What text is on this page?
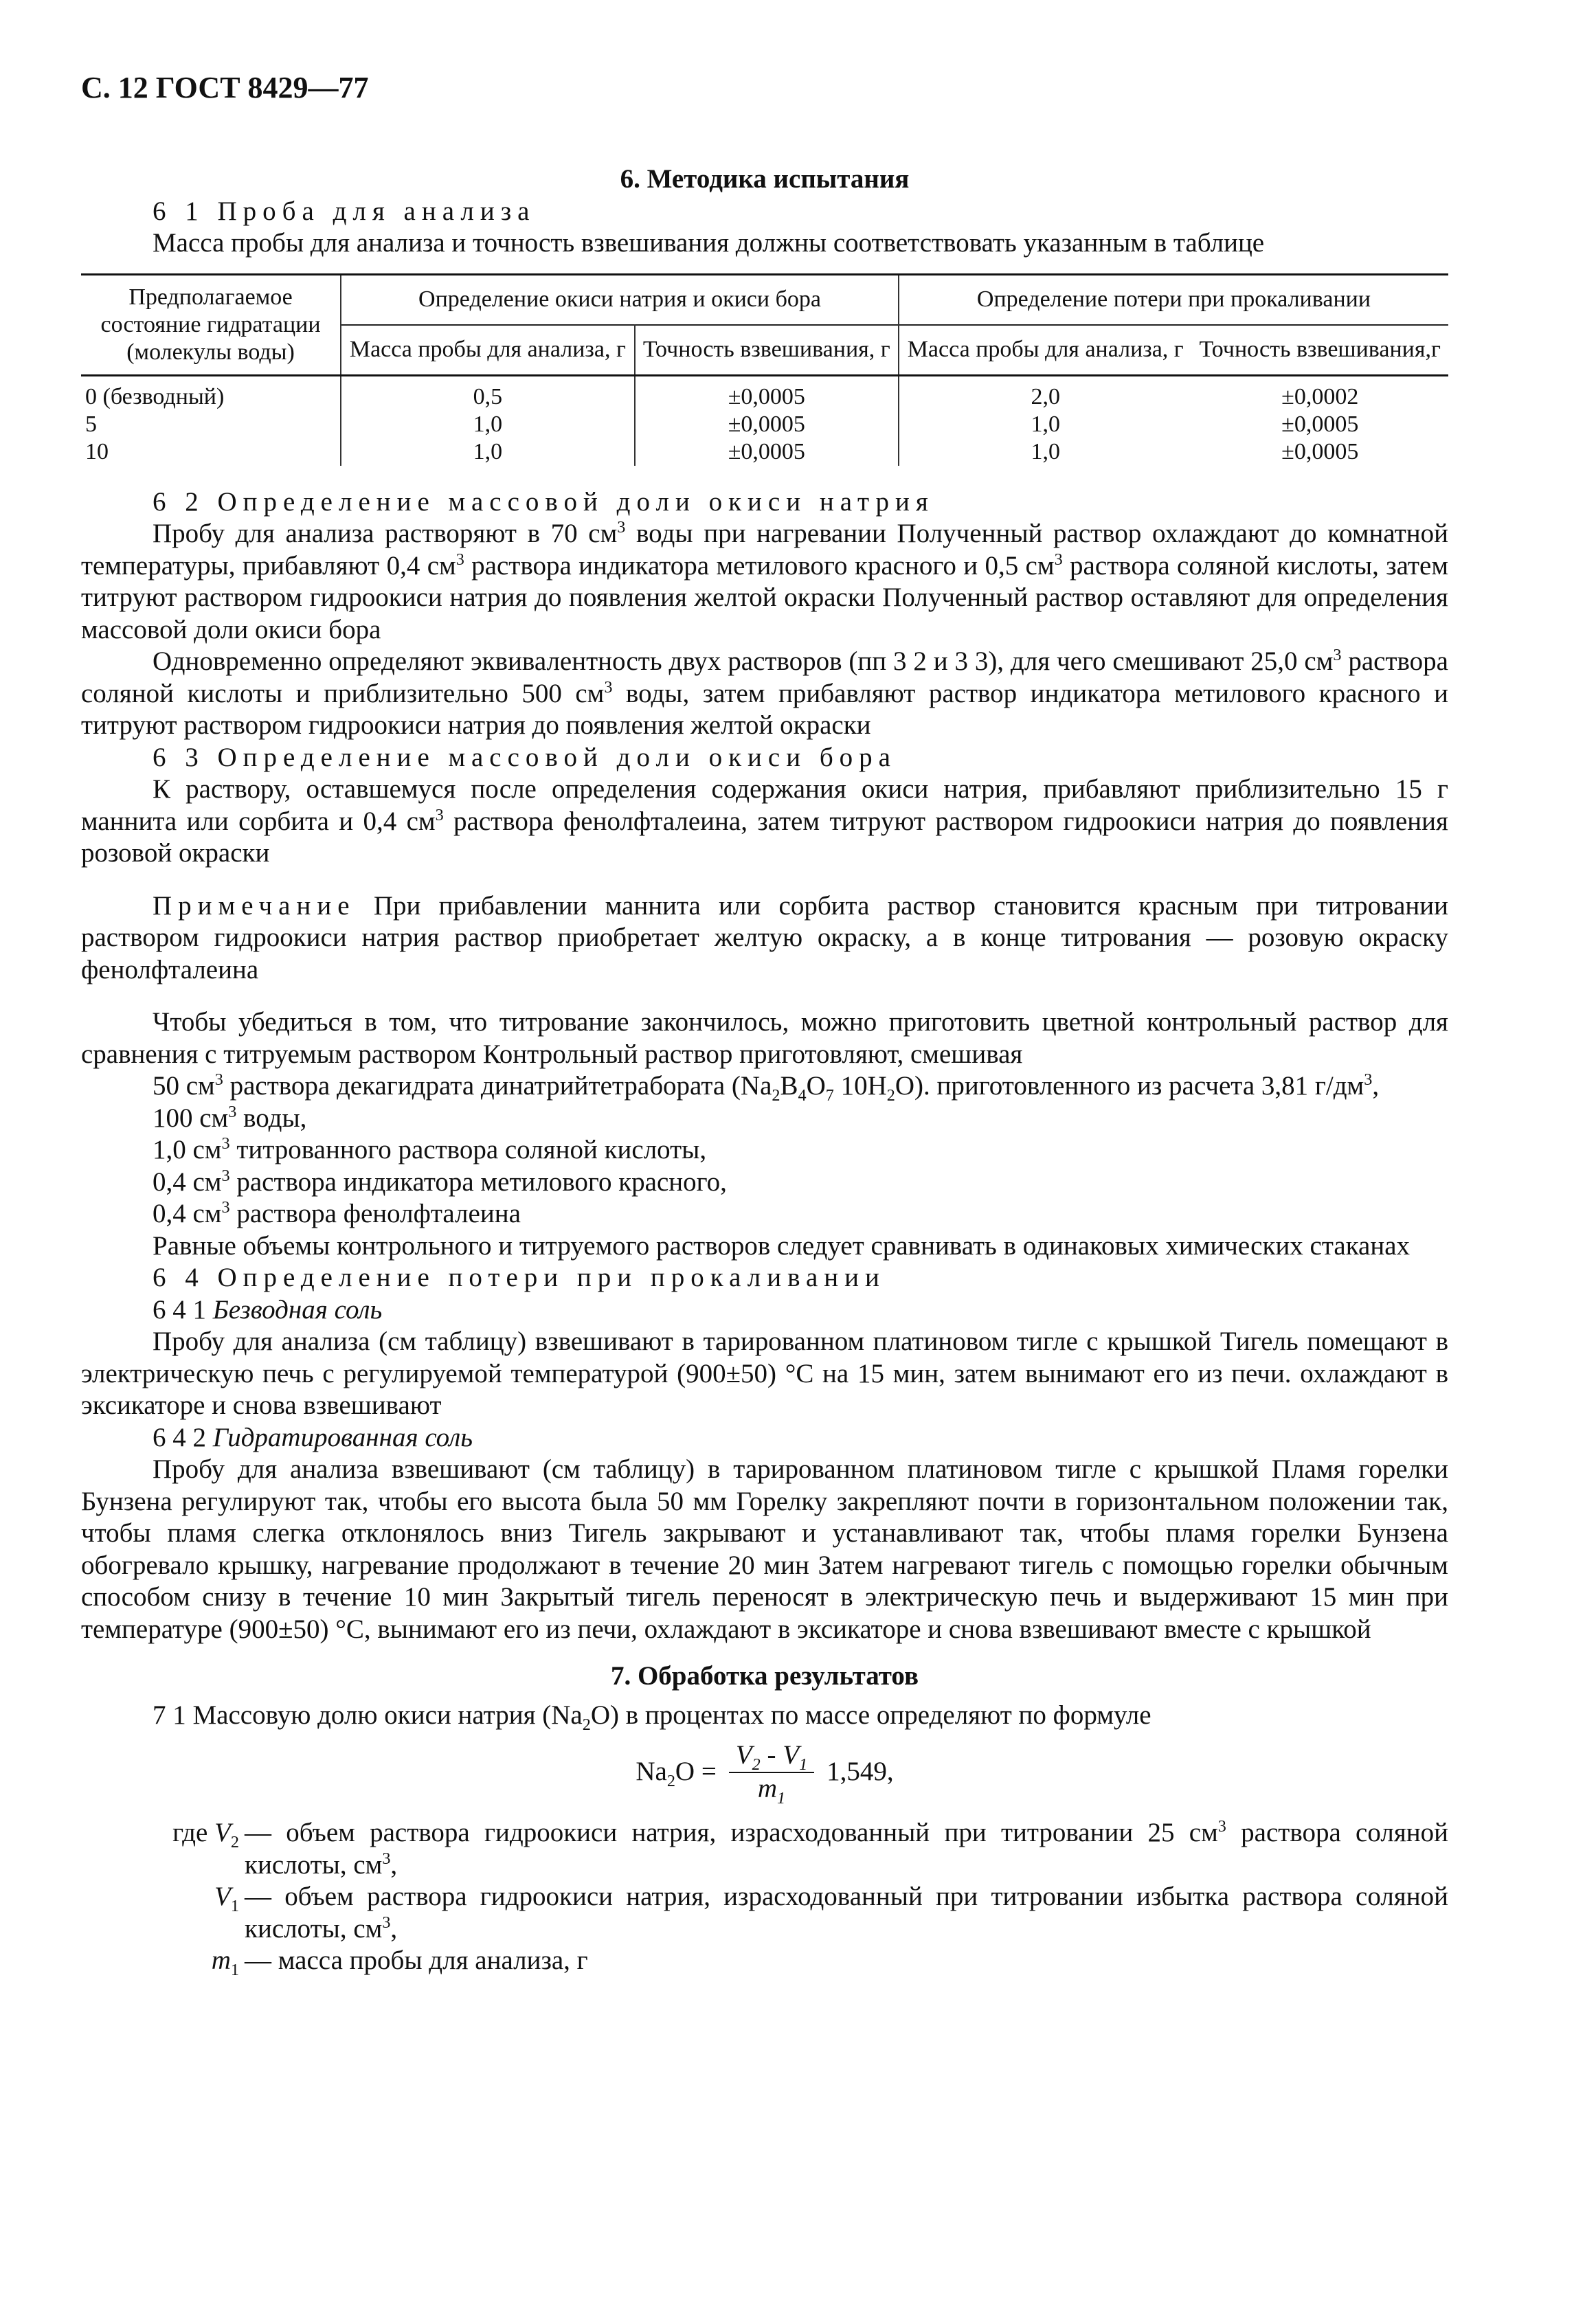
С. 12 ГОСТ 8429—77
6. Методика испытания
6 1 Проба для анализа
Масса пробы для анализа и точность взвешивания должны соответствовать указанным в таблице
Предполагаемое состояние гидратации (молекулы воды)	Определение окиси натрия и окиси бора		Определение потери при прокаливании	
	Масса пробы для анализа, г	Точность взвешивания, г	Масса пробы для анализа, г	Точность взвешивания,г
0 (безводный)	0,5	±0,0005	2,0	±0,0002
5	1,0	±0,0005	1,0	±0,0005
10	1,0	±0,0005	1,0	±0,0005
6 2 Определение массовой доли окиси натрия
Пробу для анализа растворяют в 70 $см^3$ воды при нагревании Полученный раствор охлаждают до комнатной температуры, прибавляют 0,4 $см^3$ раствора индикатора метилового красного и 0,5 $см^3$ раствора соляной кислоты, затем титруют раствором гидроокиси натрия до появления желтой окраски Полученный раствор оставляют для определения массовой доли окиси бора
Одновременно определяют эквивалентность двух растворов (пп 3 2 и 3 3), для чего смешивают 25,0 $см^3$ раствора соляной кислоты и приблизительно 500 $см^3$ воды, затем прибавляют раствор индикатора метилового красного и титруют раствором гидроокиси натрия до появления желтой окраски
6 3 Определение массовой доли окиси бора
К раствору, оставшемуся после определения содержания окиси натрия, прибавляют приблизительно 15 г маннита или сорбита и 0,4 $см^3$ раствора фенолфталеина, затем титруют раствором гидроокиси натрия до появления розовой окраски
Примечание При прибавлении маннита или сорбита раствор становится красным при титровании раствором гидроокиси натрия раствор приобретает желтую окраску, а в конце титрования — розовую окраску фенолфталеина
Чтобы убедиться в том, что титрование закончилось, можно приготовить цветной контрольный раствор для сравнения с титруемым раствором Контрольный раствор приготовляют, смешивая
50 $см^3$ раствора декагидрата динатрийтетрабората ($Na_2B_4O_7$ $10H_2O$). приготовленного из расчета 3,81 $г/дм^3$,
100 $см^3$ воды,
1,0 $см^3$ титрованного раствора соляной кислоты,
0,4 $см^3$ раствора индикатора метилового красного,
0,4 $см^3$ раствора фенолфталеина
Равные объемы контрольного и титруемого растворов следует сравнивать в одинаковых химических стаканах
6 4 Определение потери при прокаливании
6 4 1 Безводная соль
Пробу для анализа (см таблицу) взвешивают в тарированном платиновом тигле с крышкой Тигель помещают в электрическую печь с регулируемой температурой (900±50) °С на 15 мин, затем вынимают его из печи. охлаждают в эксикаторе и снова взвешивают
6 4 2 Гидратированная соль
Пробу для анализа взвешивают (см таблицу) в тарированном платиновом тигле с крышкой Пламя горелки Бунзена регулируют так, чтобы его высота была 50 мм Горелку закрепляют почти в горизонтальном положении так, чтобы пламя слегка отклонялось вниз Тигель закрывают и устанавливают так, чтобы пламя горелки Бунзена обогревало крышку, нагревание продолжают в течение 20 мин Затем нагревают тигель с помощью горелки обычным способом снизу в течение 10 мин Закрытый тигель переносят в электрическую печь и выдерживают 15 мин при температуре (900±50) °С, вынимают его из печи, охлаждают в эксикаторе и снова взвешивают вместе с крышкой
7. Обработка результатов
7 1 Массовую долю окиси натрия $(Na_2O)$ в процентах по массе определяют по формуле
$Na_2O = \frac{V_2 - V_1}{m_1} 1,549$,
где $V_2$ — объем раствора гидроокиси натрия, израсходованный при титровании 25 $см^3$ раствора соляной кислоты, $см^3$,
$V_1$ — объем раствора гидроокиси натрия, израсходованный при титровании избытка раствора соляной кислоты, $см^3$,
$m_1$ — масса пробы для анализа, г
